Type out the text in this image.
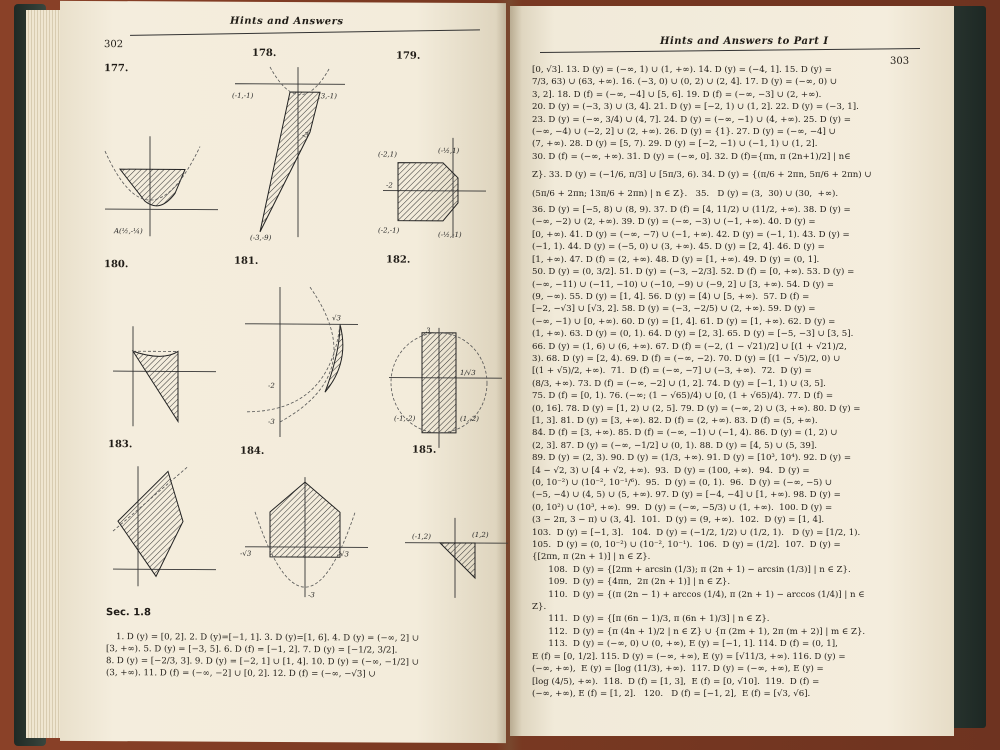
302
Hints and Answers
177.
178.	179.
180.	181.	182.
183.
184.	185.
A(½,-¼)
(-1,-1)	(3,-1)
-3
(-3,-9)
(-2,1)	(-½,1)
(-2,-1)
(-½,-1)
-2
√3
-2
-3
3
1/√3
(-1,-2)	(1,-2)
-√3	√3
-3
(-1,2)	(1,2)
Sec. 1.8
1. D (y) = [0, 2]. 2. D (y)=[−1, 1]. 3. D (y)=[1, 6]. 4. D (y) = (−∞, 2] ∪
[3, +∞). 5. D (y) = [−3, 5]. 6. D (f) = [−1, 2]. 7. D (y) = [−1/2, 3/2].
8. D (y) = [−2/3, 3]. 9. D (y) = [−2, 1] ∪ [1, 4]. 10. D (y) = (−∞, −1/2] ∪
(3, +∞). 11. D (f) = (−∞, −2] ∪ [0, 2]. 12. D (f) = (−∞, −√3] ∪
Hints and Answers to Part I
303
[0, √3]. 13. D (y) = (−∞, 1) ∪ (1, +∞). 14. D (y) = (−4, 1]. 15. D (y) =
7/3, 63) ∪ (63, +∞). 16. (−3, 0) ∪ (0, 2) ∪ (2, 4]. 17. D (y) = (−∞, 0) ∪
3, 2]. 18. D (f) = (−∞, −4] ∪ [5, 6]. 19. D (f) = (−∞, −3] ∪ (2, +∞).
20. D (y) = (−3, 3) ∪ (3, 4]. 21. D (y) = [−2, 1) ∪ (1, 2]. 22. D (y) = (−3, 1].
23. D (y) = (−∞, 3/4) ∪ (4, 7]. 24. D (y) = (−∞, −1) ∪ (4, +∞). 25. D (y) =
(−∞, −4) ∪ (−2, 2] ∪ (2, +∞). 26. D (y) = {1}. 27. D (y) = (−∞, −4] ∪
(7, +∞). 28. D (y) = [5, 7). 29. D (y) = [−2, −1) ∪ (−1, 1) ∪ (1, 2].
30. D (f) = (−∞, +∞). 31. D (y) = (−∞, 0]. 32. D (f)={πn, π (2n+1)/2] | n∈
Z}. 33. D (y) = (−1/6, π/3] ∪ [5π/3, 6). 34. D (y) = {(π/6 + 2πn, 5π/6 + 2πn) ∪
(5π/6 + 2πn; 13π/6 + 2πn) | n ∈ Z}.   35.   D (y) = (3,  30) ∪ (30,  +∞).
36. D (y) = [−5, 8) ∪ (8, 9). 37. D (f) = [4, 11/2) ∪ (11/2, +∞). 38. D (y) =
(−∞, −2) ∪ (2, +∞). 39. D (y) = (−∞, −3) ∪ (−1, +∞). 40. D (y) =
[0, +∞). 41. D (y) = (−∞, −7) ∪ (−1, +∞). 42. D (y) = (−1, 1). 43. D (y) =
(−1, 1). 44. D (y) = (−5, 0) ∪ (3, +∞). 45. D (y) = [2, 4]. 46. D (y) =
[1, +∞). 47. D (f) = (2, +∞). 48. D (y) = [1, +∞). 49. D (y) = (0, 1].
50. D (y) = (0, 3/2]. 51. D (y) = (−3, −2/3]. 52. D (f) = [0, +∞). 53. D (y) =
(−∞, −11) ∪ (−11, −10) ∪ (−10, −9) ∪ (−9, 2] ∪ [3, +∞). 54. D (y) =
(9, −∞). 55. D (y) = [1, 4]. 56. D (y) = [4) ∪ [5, +∞).  57. D (f) =
[−2, −√3] ∪ [√3, 2]. 58. D (y) = (−3, −2/5) ∪ (2, +∞). 59. D (y) =
(−∞, −1) ∪ [0, +∞). 60. D (y) = [1, 4]. 61. D (y) = [1, +∞). 62. D (y) =
(1, +∞). 63. D (y) = (0, 1). 64. D (y) = [2, 3]. 65. D (y) = [−5, −3] ∪ [3, 5].
66. D (y) = (1, 6) ∪ (6, +∞). 67. D (f) = (−2, (1 − √21)/2] ∪ [(1 + √21)/2,
3). 68. D (y) = [2, 4). 69. D (f) = (−∞, −2). 70. D (y) = [(1 − √5)/2, 0) ∪
[(1 + √5)/2, +∞).  71.  D (f) = (−∞, −7] ∪ (−3, +∞).  72.  D (y) =
(8/3, +∞). 73. D (f) = (−∞, −2] ∪ (1, 2]. 74. D (y) = [−1, 1) ∪ (3, 5].
75. D (f) = [0, 1). 76. (−∞; (1 − √65)/4) ∪ [0, (1 + √65)/4). 77. D (f) =
(0, 16]. 78. D (y) = [1, 2) ∪ (2, 5]. 79. D (y) = (−∞, 2) ∪ (3, +∞). 80. D (y) =
[1, 3]. 81. D (y) = [3, +∞). 82. D (f) = (2, +∞). 83. D (f) = (5, +∞).
84. D (f) = [3, +∞). 85. D (f) = (−∞, −1) ∪ (−1, 4). 86. D (y) = (1, 2) ∪
(2, 3]. 87. D (y) = (−∞, −1/2] ∪ (0, 1). 88. D (y) = [4, 5) ∪ (5, 39].
89. D (y) = (2, 3). 90. D (y) = (1/3, +∞). 91. D (y) = [10³, 10⁴). 92. D (y) =
[4 − √2, 3) ∪ [4 + √2, +∞).  93.  D (y) = (100, +∞).  94.  D (y) =
(0, 10⁻²) ∪ (10⁻², 10⁻¹/⁶).  95.  D (y) = (0, 1).  96.  D (y) = (−∞, −5) ∪
(−5, −4) ∪ (4, 5) ∪ (5, +∞). 97. D (y) = [−4, −4] ∪ [1, +∞). 98. D (y) =
(0, 10²) ∪ (10³, +∞).  99.  D (y) = (−∞, −5/3) ∪ (1, +∞).  100. D (y) =
(3 − 2π, 3 − π) ∪ (3, 4].  101.  D (y) = (9, +∞).  102.  D (y) = [1, 4].
103.  D (y) = [−1, 3].   104.  D (y) = (−1/2, 1/2) ∪ (1/2, 1).   D (y) = [1/2, 1).
105.  D (y) = (0, 10⁻²) ∪ (10⁻², 10⁻¹).  106.  D (y) = (1/2].  107.  D (y) =
{[2πn, π (2n + 1)] | n ∈ Z}.
108.  D (y) = {[2πn + arcsin (1/3); π (2n + 1) − arcsin (1/3)] | n ∈ Z}.
109.  D (y) = {4πn,  2π (2n + 1)] | n ∈ Z}.
110.  D (y) = {(π (2n − 1) + arccos (1/4), π (2n + 1) − arccos (1/4)] | n ∈
Z}.
111.  D (y) = {[π (6n − 1)/3, π (6n + 1)/3] | n ∈ Z}.
112.  D (y) = {π (4n + 1)/2 | n ∈ Z} ∪ {π (2m + 1), 2π (m + 2)] | m ∈ Z}.
113.  D (y) = (−∞, 0) ∪ (0, +∞), E (y) = [−1, 1]. 114. D (f) = (0, 1],
E (f) = [0, 1/2]. 115. D (y) = (−∞, +∞), E (y) = [√11/3, +∞). 116. D (y) =
(−∞, +∞),  E (y) = [log (11/3), +∞).  117. D (y) = (−∞, +∞), E (y) =
[log (4/5), +∞).  118.  D (f) = [1, 3],  E (f) = [0, √10].  119.  D (f) =
(−∞, +∞), E (f) = [1, 2].   120.   D (f) = [−1, 2],  E (f) = [√3, √6].
